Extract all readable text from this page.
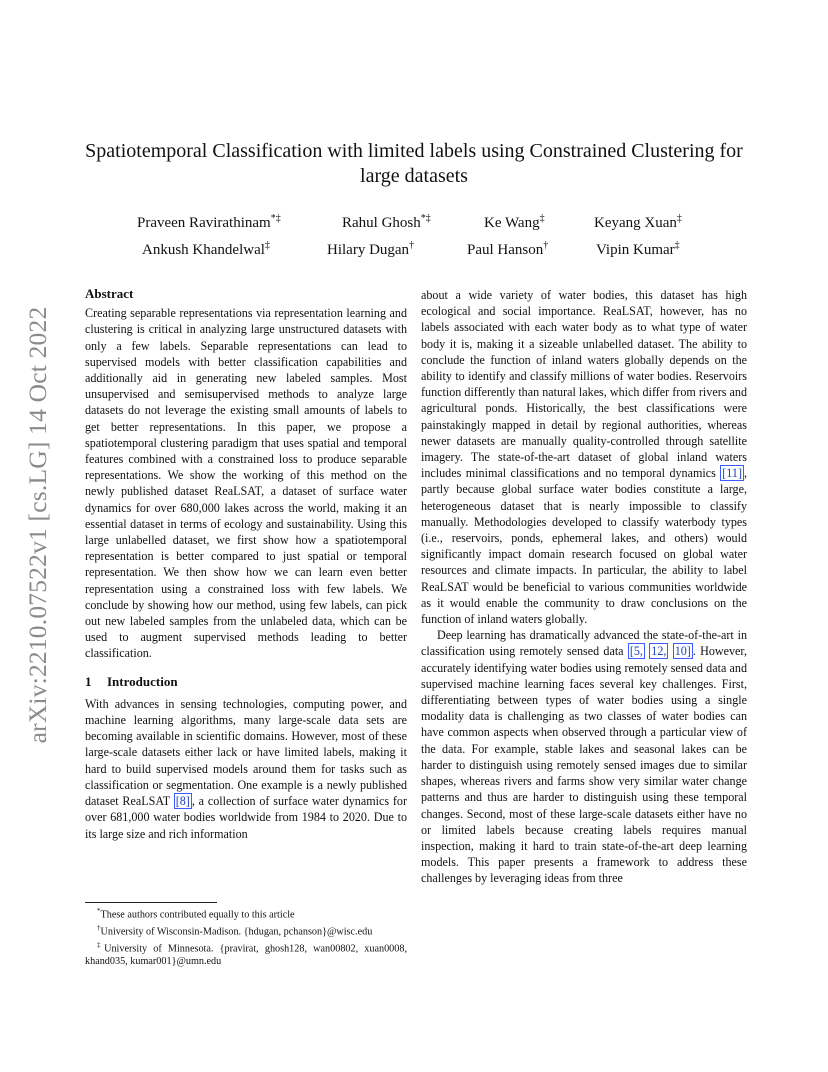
arXiv:2210.07522v1 [cs.LG] 14 Oct 2022
Spatiotemporal Classification with limited labels using Constrained Clustering for large datasets
Praveen Ravirathinam*‡	Rahul Ghosh*‡	Ke Wang‡	Keyang Xuan‡
Ankush Khandelwal‡	Hilary Dugan†	Paul Hanson†	Vipin Kumar‡
Abstract

Creating separable representations via representation learning and clustering is critical in analyzing large unstructured datasets with only a few labels. Separable representations can lead to supervised models with better classification capabilities and additionally aid in generating new labeled samples. Most unsupervised and semisupervised methods to analyze large datasets do not leverage the existing small amounts of labels to get better representations. In this paper, we propose a spatiotemporal clustering paradigm that uses spatial and temporal features combined with a constrained loss to produce separable representations. We show the working of this method on the newly published dataset ReaLSAT, a dataset of surface water dynamics for over 680,000 lakes across the world, making it an essential dataset in terms of ecology and sustainability. Using this large unlabelled dataset, we first show how a spatiotemporal representation is better compared to just spatial or temporal representation. We then show how we can learn even better representation using a constrained loss with few labels. We conclude by showing how our method, using few labels, can pick out new labeled samples from the unlabeled data, which can be used to augment supervised methods leading to better classification.

1 Introduction

With advances in sensing technologies, computing power, and machine learning algorithms, many large-scale data sets are becoming available in scientific domains. However, most of these large-scale datasets either lack or have limited labels, making it hard to build supervised models around them for tasks such as classification or segmentation. One example is a newly published dataset ReaLSAT [8] , a collection of surface water dynamics for over 681,000 water bodies worldwide from 1984 to 2020. Due to its large size and rich information

*These authors contributed equally to this article

†University of Wisconsin-Madison. {hdugan, pchanson}@wisc.edu

‡University of Minnesota. {pravirat, ghosh128, wan00802, xuan0008, khand035, kumar001}@umn.edu

about a wide variety of water bodies, this dataset has high ecological and social importance. ReaLSAT, however, has no labels associated with each water body as to what type of water body it is, making it a sizeable unlabelled dataset. The ability to conclude the function of inland waters globally depends on the ability to identify and classify millions of water bodies. Reservoirs function differently than natural lakes, which differ from rivers and agricultural ponds. Historically, the best classifications were painstakingly mapped in detail by regional authorities, whereas newer datasets are manually quality-controlled through satellite imagery. The state-of-the-art dataset of global inland waters includes minimal classifications and no temporal dynamics [11] , partly because global surface water bodies constitute a large, heterogeneous dataset that is nearly impossible to classify manually. Methodologies developed to classify waterbody types (i.e., reservoirs, ponds, ephemeral lakes, and others) would significantly impact domain research focused on global water resources and climate impacts. In particular, the ability to label ReaLSAT would be beneficial to various communities worldwide as it would enable the community to draw conclusions on the function of inland waters globally.

Deep learning has dramatically advanced the state-of-the-art in classification using remotely sensed data [5, 12, 10] . However, accurately identifying water bodies using remotely sensed data and supervised machine learning faces several key challenges. First, differentiating between types of water bodies using a single modality data is challenging as two classes of water bodies can have common aspects when observed through a particular view of the data. For example, stable lakes and seasonal lakes can be harder to distinguish using remotely sensed images due to similar shapes, whereas rivers and farms show very similar water change patterns and thus are harder to distinguish using these temporal changes. Second, most of these large-scale datasets either have no or limited labels because creating labels requires manual inspection, making it hard to train state-of-the-art deep learning models. This paper presents a framework to address these challenges by leveraging ideas from three
